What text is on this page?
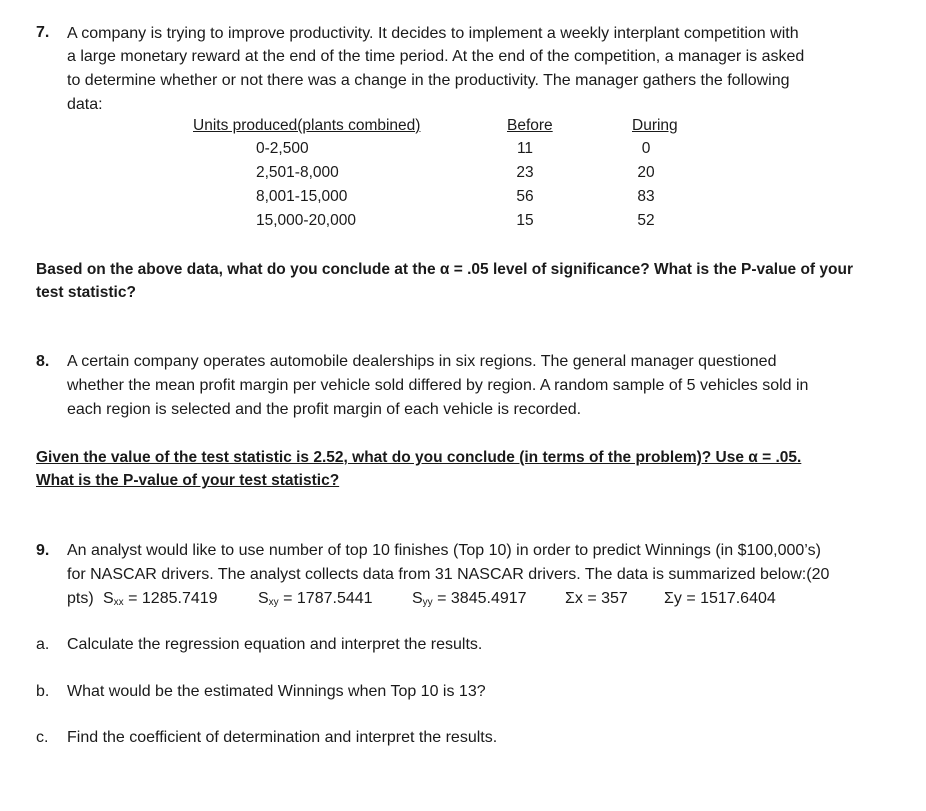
7. A company is trying to improve productivity. It decides to implement a weekly interplant competition with
a large monetary reward at the end of the time period. At the end of the competition, a manager is asked
to determine whether or not there was a change in the productivity. The manager gathers the following
data:
Units produced(plants combined)	Before	During
0-2,500	11	0
2,501-8,000	23	20
8,001-15,000	56	83
15,000-20,000	15	52
Based on the above data, what do you conclude at the α = .05 level of significance? What is the P-value of your
test statistic?
8. A certain company operates automobile dealerships in six regions. The general manager questioned
whether the mean profit margin per vehicle sold differed by region. A random sample of 5 vehicles sold in
each region is selected and the profit margin of each vehicle is recorded.
Given the value of the test statistic is 2.52, what do you conclude (in terms of the problem)? Use α = .05.
What is the P-value of your test statistic?
9. An analyst would like to use number of top 10 finishes (Top 10) in order to predict Winnings (in $100,000’s)
for NASCAR drivers. The analyst collects data from 31 NASCAR drivers. The data is summarized below:(20
pts) $S_{xx} = 1285.7419$	$S_{xy} = 1787.5441$ $S_{yy} = 3845.4917$ Σx = 357 Σy = 1517.6404
a. Calculate the regression equation and interpret the results.
b. What would be the estimated Winnings when Top 10 is 13?
c. Find the coefficient of determination and interpret the results.
